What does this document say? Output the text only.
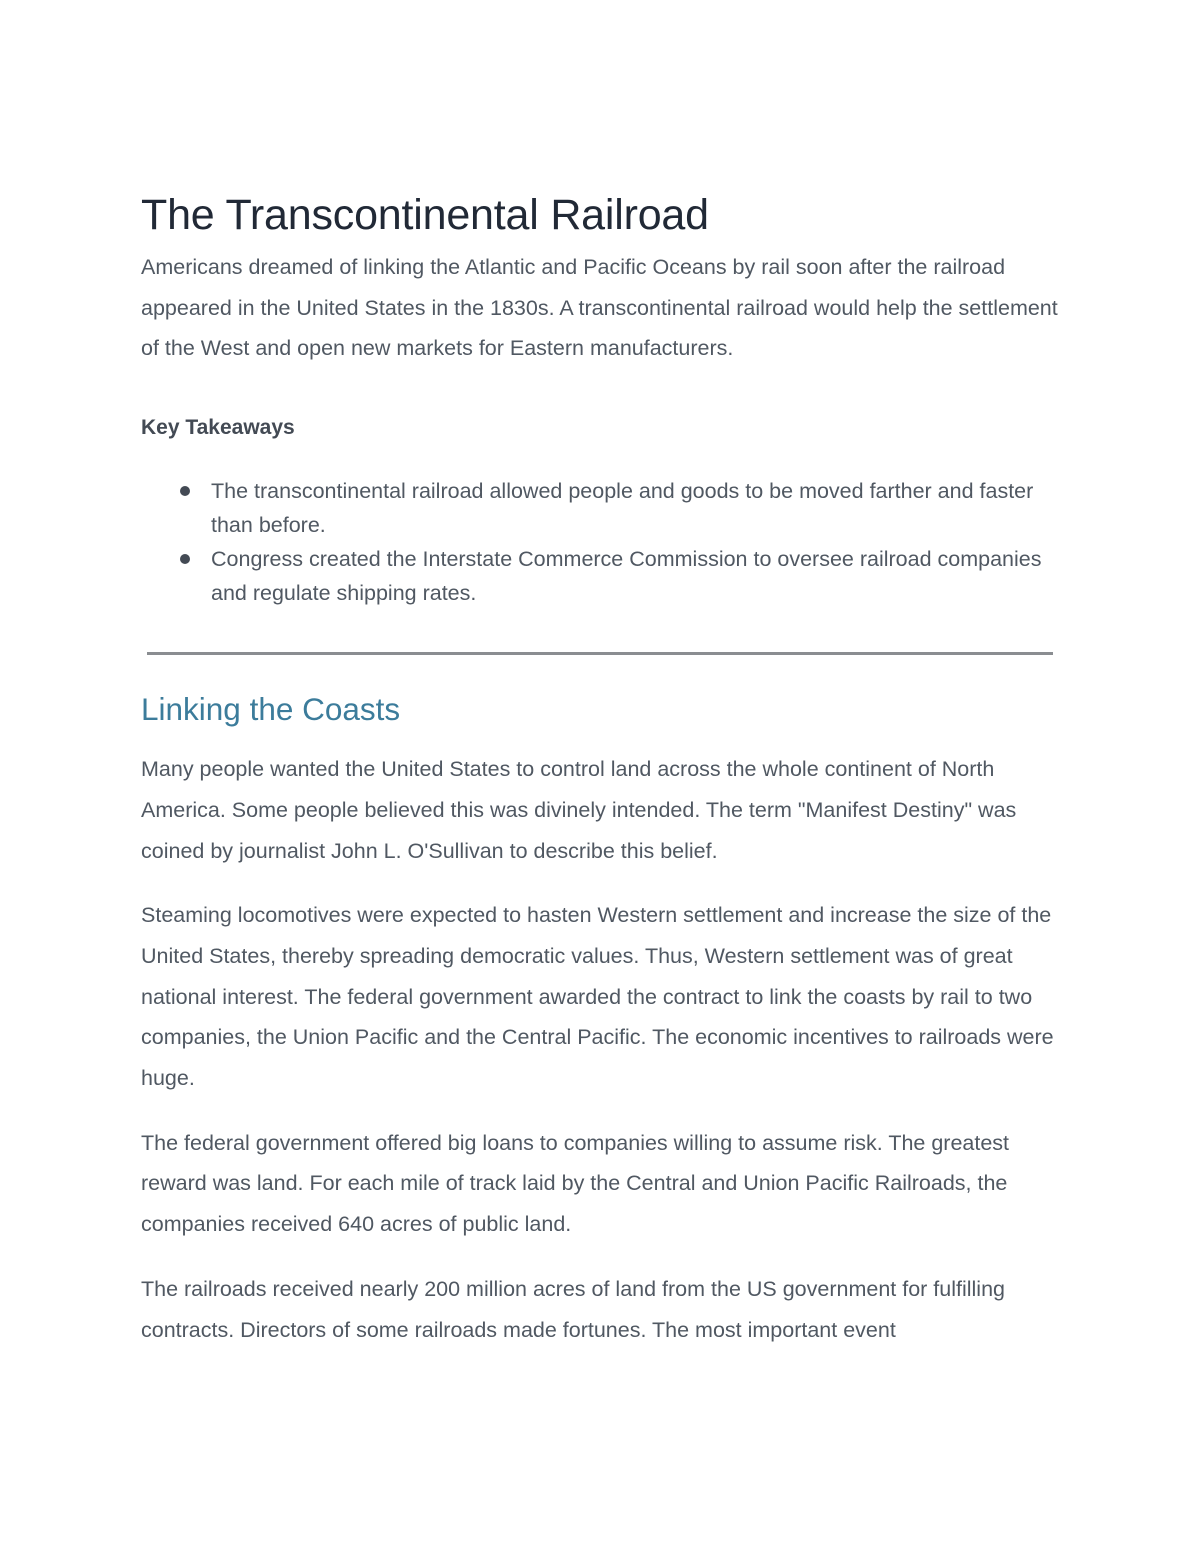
The Transcontinental Railroad

Americans dreamed of linking the Atlantic and Pacific Oceans by rail soon after the railroad appeared in the United States in the 1830s. A transcontinental railroad would help the settlement of the West and open new markets for Eastern manufacturers.

Key Takeaways
The transcontinental railroad allowed people and goods to be moved farther and faster than before.
Congress created the Interstate Commerce Commission to oversee railroad companies and regulate shipping rates.
Linking the Coasts

Many people wanted the United States to control land across the whole continent of North America. Some people believed this was divinely intended. The term "Manifest Destiny" was coined by journalist John L. O'Sullivan to describe this belief.

Steaming locomotives were expected to hasten Western settlement and increase the size of the United States, thereby spreading democratic values. Thus, Western settlement was of great national interest. The federal government awarded the contract to link the coasts by rail to two companies, the Union Pacific and the Central Pacific. The economic incentives to railroads were huge.

The federal government offered big loans to companies willing to assume risk. The greatest reward was land. For each mile of track laid by the Central and Union Pacific Railroads, the companies received 640 acres of public land.

The railroads received nearly 200 million acres of land from the US government for fulfilling contracts. Directors of some railroads made fortunes. The most important event
